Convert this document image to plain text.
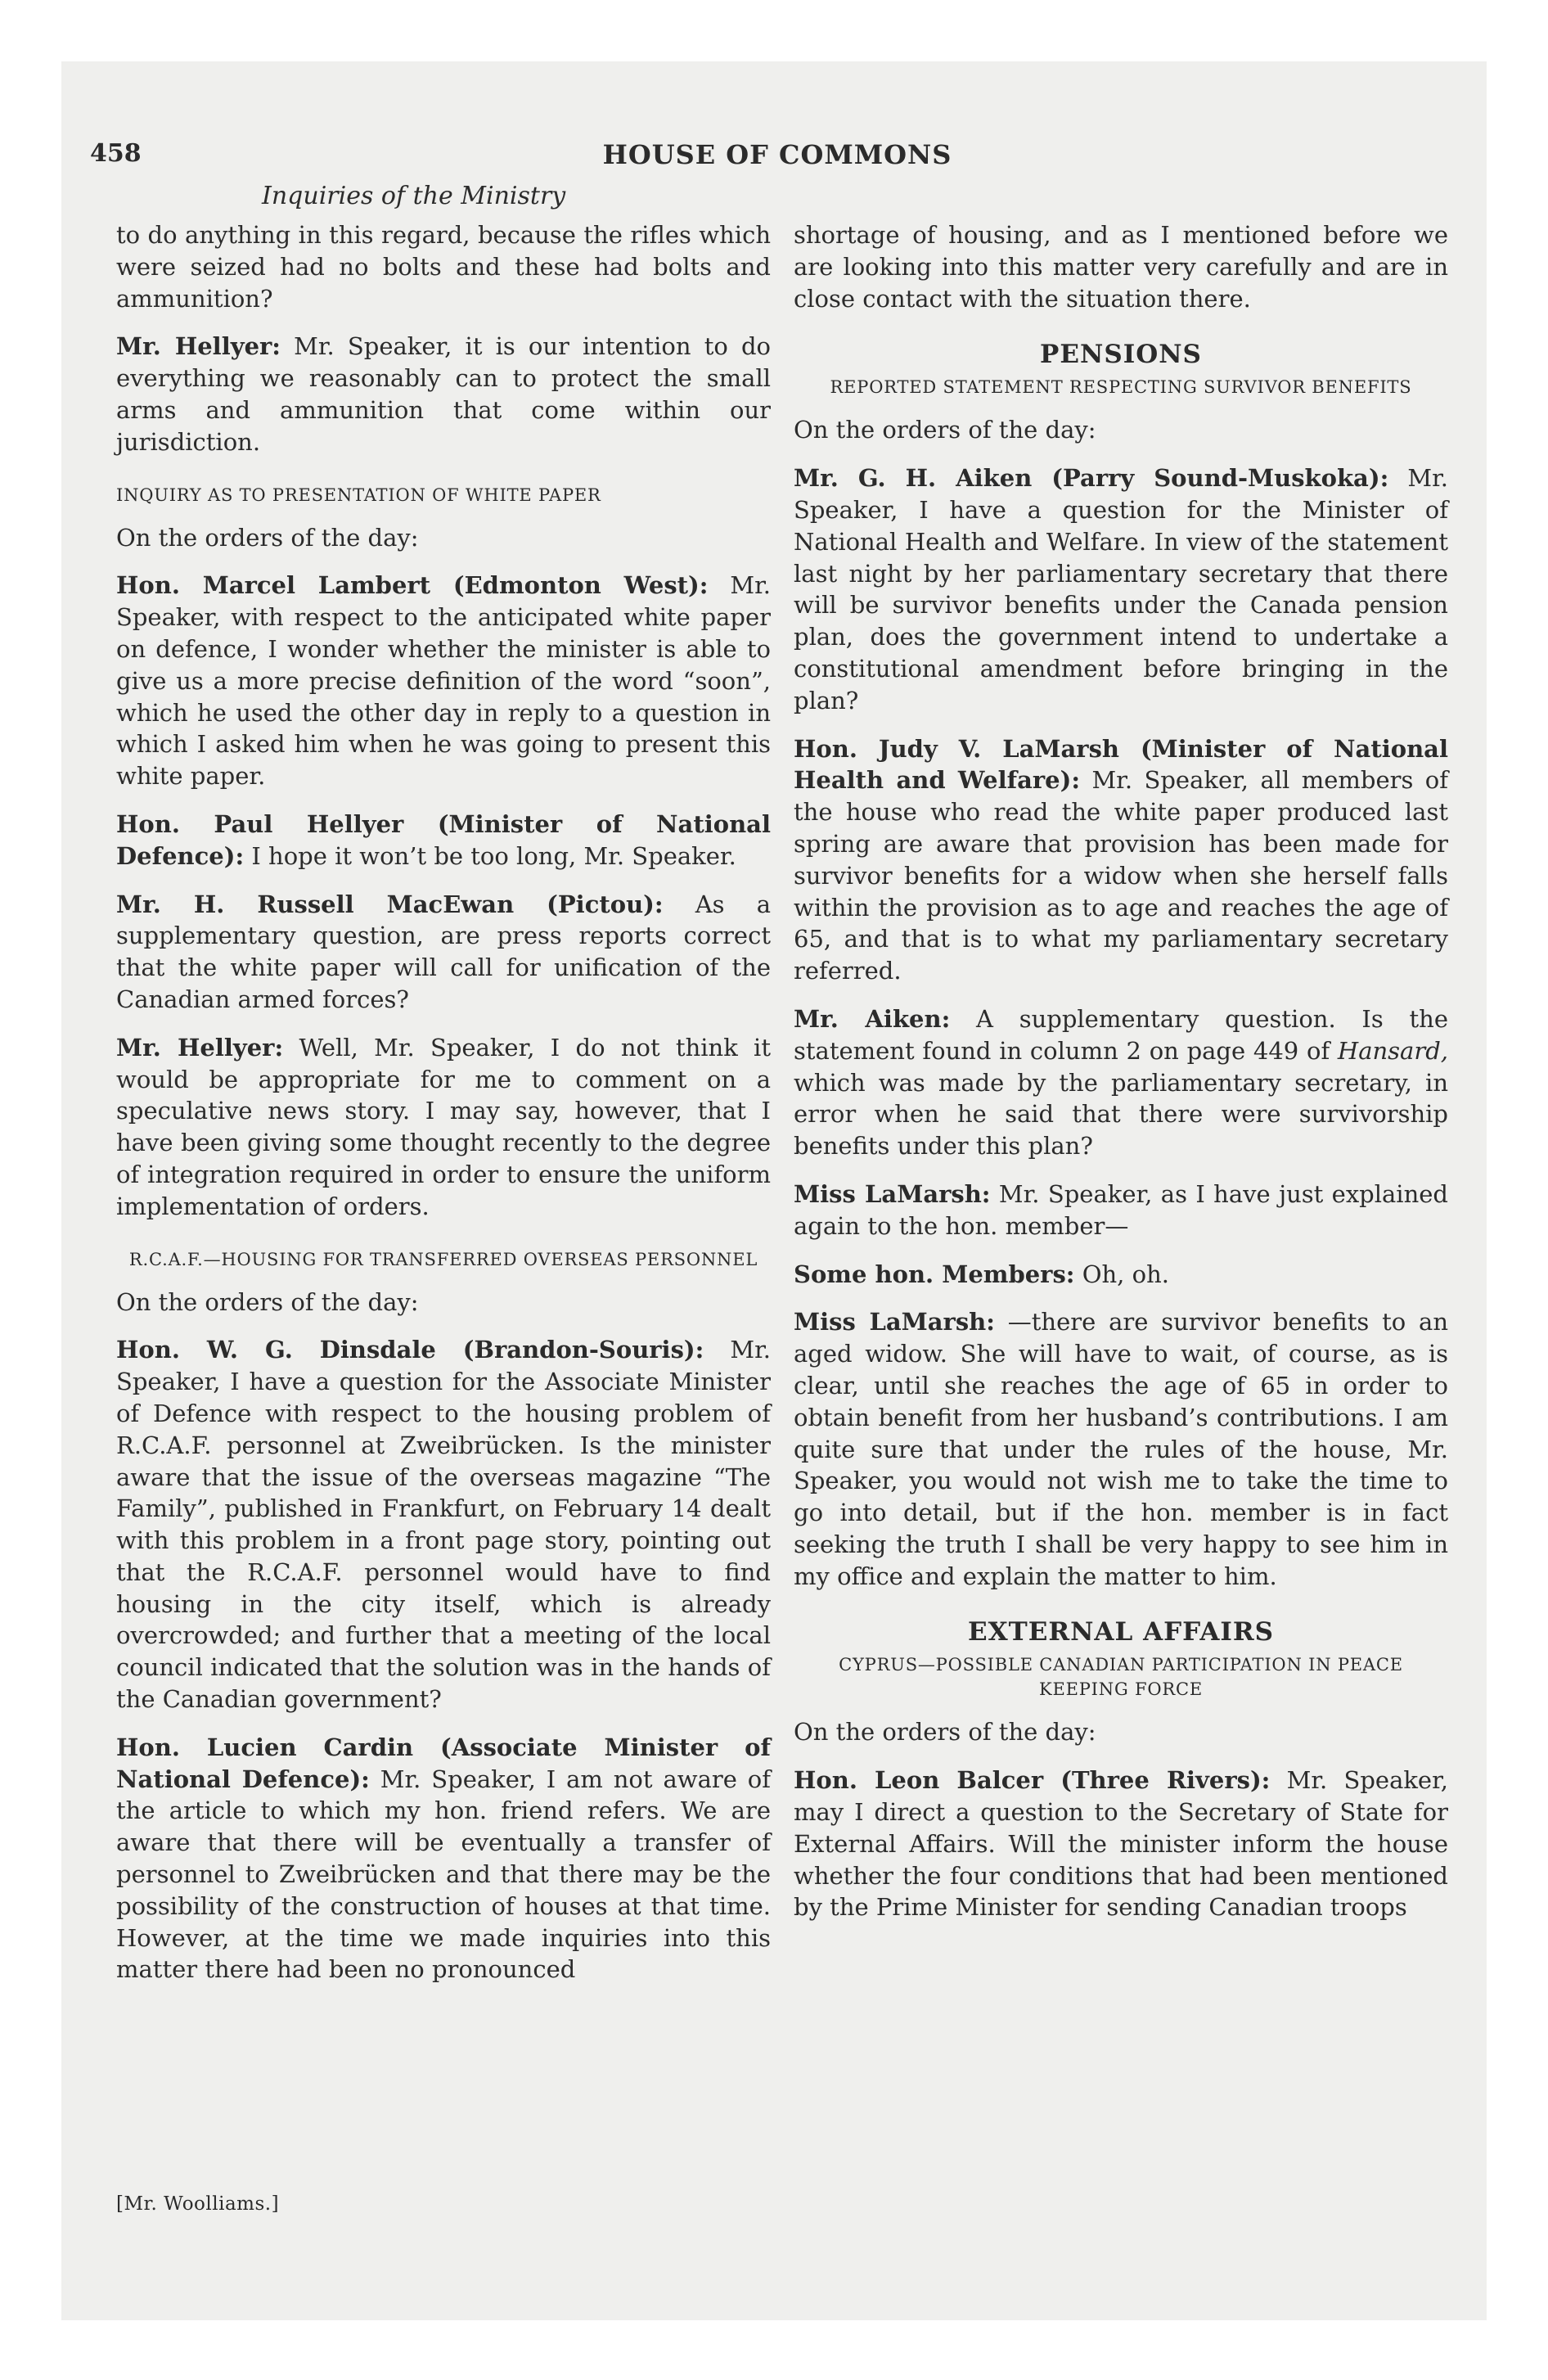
458	HOUSE OF COMMONS
Inquiries of the Ministry

to do anything in this regard, because the rifles which were seized had no bolts and these had bolts and ammunition?

Mr. Hellyer: Mr. Speaker, it is our intention to do everything we reasonably can to protect the small arms and ammunition that come within our jurisdiction.

INQUIRY AS TO PRESENTATION OF WHITE PAPER

On the orders of the day:

Hon. Marcel Lambert (Edmonton West): Mr. Speaker, with respect to the anticipated white paper on defence, I wonder whether the minister is able to give us a more precise definition of the word “soon”, which he used the other day in reply to a question in which I asked him when he was going to present this white paper.

Hon. Paul Hellyer (Minister of National Defence): I hope it won’t be too long, Mr. Speaker.

Mr. H. Russell MacEwan (Pictou): As a supplementary question, are press reports correct that the white paper will call for unification of the Canadian armed forces?

Mr. Hellyer: Well, Mr. Speaker, I do not think it would be appropriate for me to comment on a speculative news story. I may say, however, that I have been giving some thought recently to the degree of integration required in order to ensure the uniform implementation of orders.

R.C.A.F.—HOUSING FOR TRANSFERRED OVERSEAS PERSONNEL

On the orders of the day:

Hon. W. G. Dinsdale (Brandon-Souris): Mr. Speaker, I have a question for the Associate Minister of Defence with respect to the housing problem of R.C.A.F. personnel at Zweibrücken. Is the minister aware that the issue of the overseas magazine “The Family”, published in Frankfurt, on February 14 dealt with this problem in a front page story, pointing out that the R.C.A.F. personnel would have to find housing in the city itself, which is already overcrowded; and further that a meeting of the local council indicated that the solution was in the hands of the Canadian government?

Hon. Lucien Cardin (Associate Minister of National Defence): Mr. Speaker, I am not aware of the article to which my hon. friend refers. We are aware that there will be eventually a transfer of personnel to Zweibrücken and that there may be the possibility of the construction of houses at that time. However, at the time we made inquiries into this matter there had been no pronounced

shortage of housing, and as I mentioned before we are looking into this matter very carefully and are in close contact with the situation there.

PENSIONS
REPORTED STATEMENT RESPECTING SURVIVOR BENEFITS

On the orders of the day:

Mr. G. H. Aiken (Parry Sound-Muskoka): Mr. Speaker, I have a question for the Minister of National Health and Welfare. In view of the statement last night by her parliamentary secretary that there will be survivor benefits under the Canada pension plan, does the government intend to undertake a constitutional amendment before bringing in the plan?

Hon. Judy V. LaMarsh (Minister of National Health and Welfare): Mr. Speaker, all members of the house who read the white paper produced last spring are aware that provision has been made for survivor benefits for a widow when she herself falls within the provision as to age and reaches the age of 65, and that is to what my parliamentary secretary referred.

Mr. Aiken: A supplementary question. Is the statement found in column 2 on page 449 of Hansard, which was made by the parliamentary secretary, in error when he said that there were survivorship benefits under this plan?

Miss LaMarsh: Mr. Speaker, as I have just explained again to the hon. member—

Some hon. Members: Oh, oh.

Miss LaMarsh: —there are survivor benefits to an aged widow. She will have to wait, of course, as is clear, until she reaches the age of 65 in order to obtain benefit from her husband’s contributions. I am quite sure that under the rules of the house, Mr. Speaker, you would not wish me to take the time to go into detail, but if the hon. member is in fact seeking the truth I shall be very happy to see him in my office and explain the matter to him.

EXTERNAL AFFAIRS
CYPRUS—POSSIBLE CANADIAN PARTICIPATION IN PEACE KEEPING FORCE

On the orders of the day:

Hon. Leon Balcer (Three Rivers): Mr. Speaker, may I direct a question to the Secretary of State for External Affairs. Will the minister inform the house whether the four conditions that had been mentioned by the Prime Minister for sending Canadian troops

[Mr. Woolliams.]
